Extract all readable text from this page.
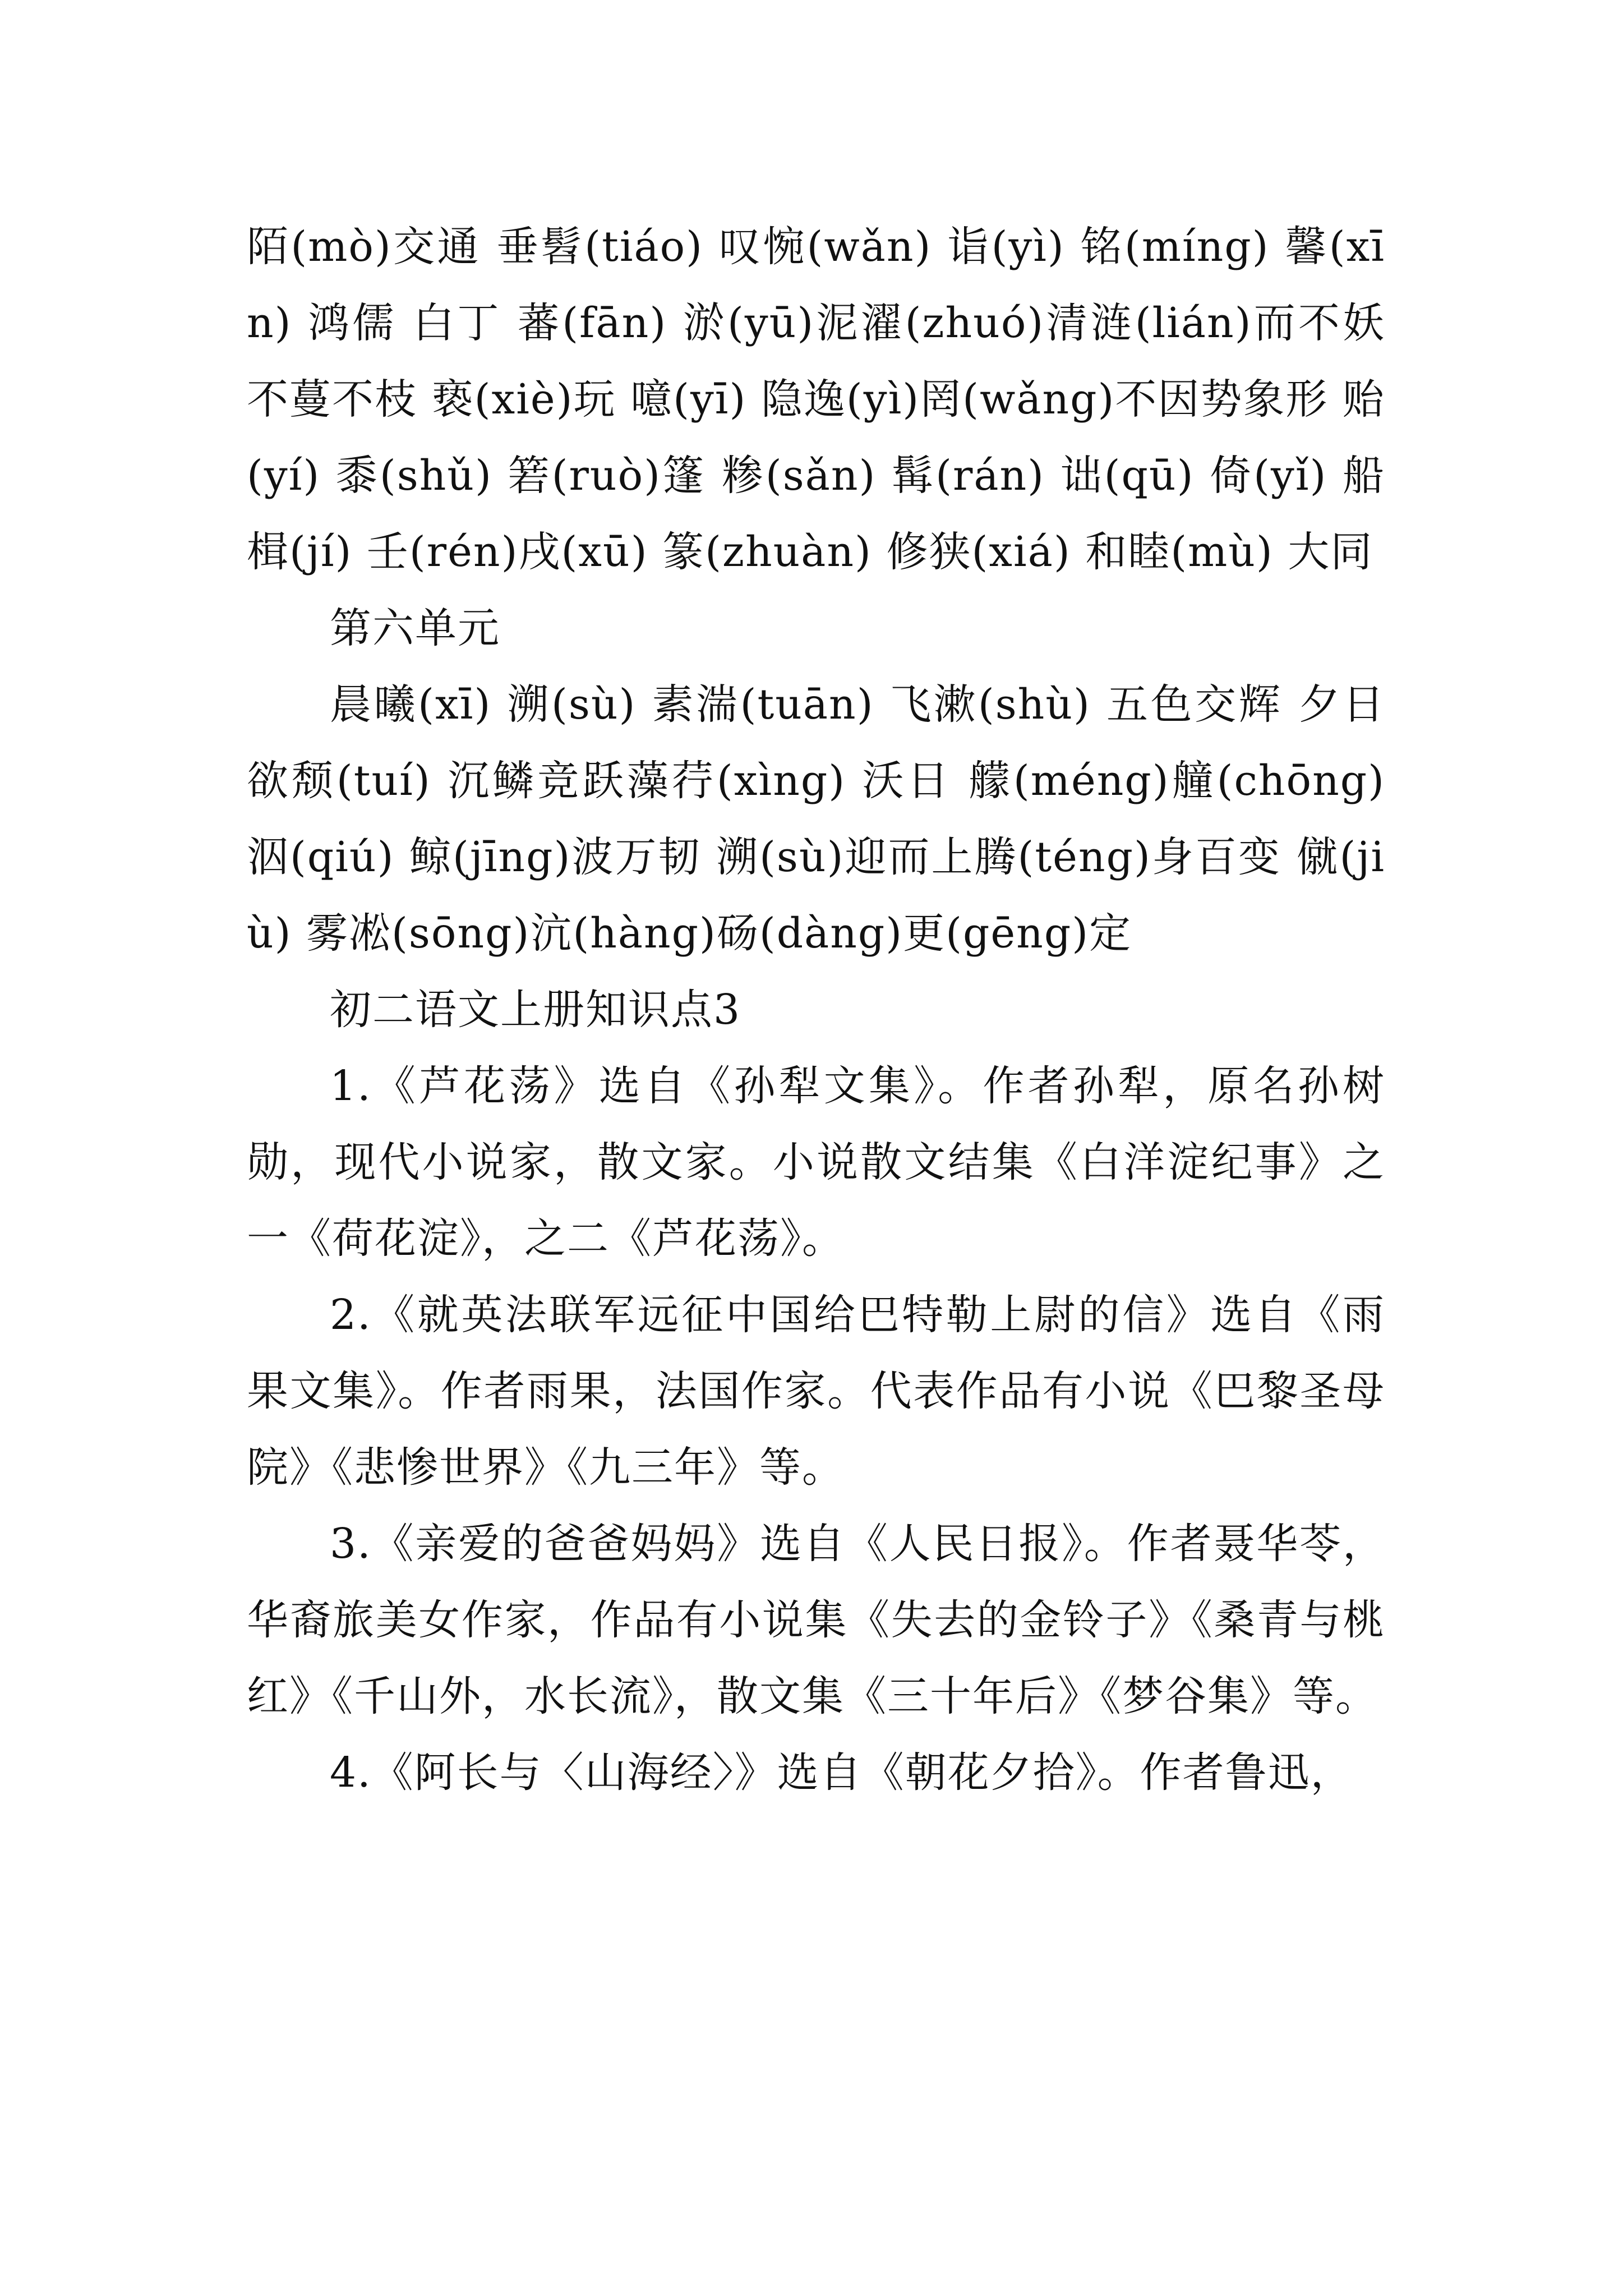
陌(mò)交通 垂髫(tiáo) 叹惋(wǎn) 诣(yì) 铭(míng) 馨(xīn) 鸿儒 白丁 蕃(fān) 淤(yū)泥濯(zhuó)清涟(lián)而不妖不蔓不枝 亵(xiè)玩 噫(yī) 隐逸(yì)罔(wǎng)不因势象形 贻(yí) 黍(shǔ) 箬(ruò)篷 糁(sǎn) 髯(rán) 诎(qū) 倚(yǐ) 船楫(jí) 壬(rén)戌(xū) 篆(zhuàn) 修狭(xiá) 和睦(mù) 大同

第六单元

晨曦(xī) 溯(sù) 素湍(tuān) 飞漱(shù) 五色交辉 夕日欲颓(tuí) 沉鳞竞跃藻荇(xìng) 沃日 艨(méng)艟(chōng) 泅(qiú) 鲸(jīng)波万韧 溯(sù)迎而上腾(téng)身百变 僦(jiù) 雾凇(sōng)沆(hàng)砀(dàng)更(gēng)定

初二语文上册知识点3

1.《芦花荡》选自《孙犁文集》。作者孙犁，原名孙树勋，现代小说家，散文家。小说散文结集《白洋淀纪事》之一《荷花淀》，之二《芦花荡》。

2.《就英法联军远征中国给巴特勒上尉的信》选自《雨果文集》。作者雨果，法国作家。代表作品有小说《巴黎圣母院》《悲惨世界》《九三年》等。

3.《亲爱的爸爸妈妈》选自《人民日报》。作者聂华苓，华裔旅美女作家，作品有小说集《失去的金铃子》《桑青与桃红》《千山外，水长流》，散文集《三十年后》《梦谷集》等。

4.《阿长与〈山海经〉》选自《朝花夕拾》。作者鲁迅，
